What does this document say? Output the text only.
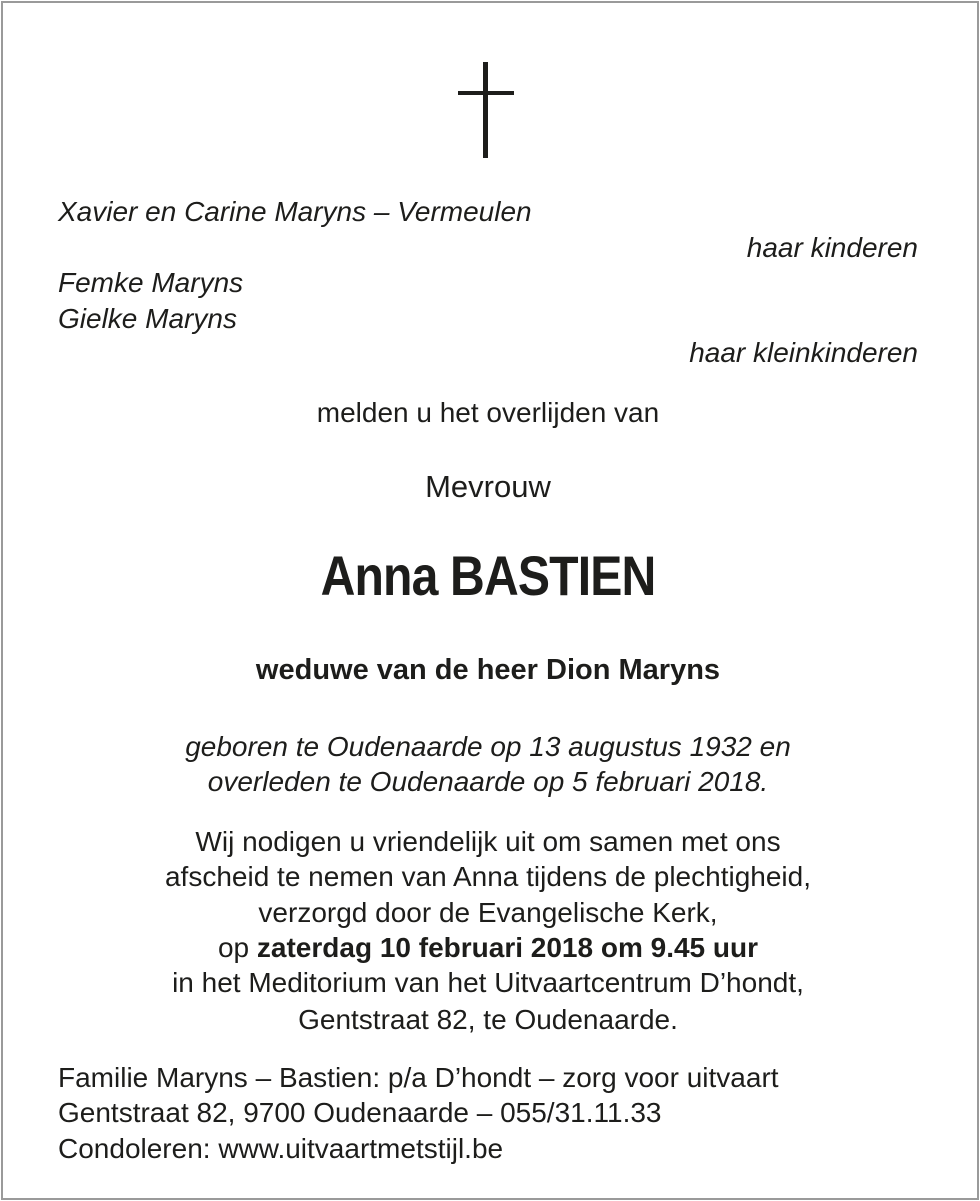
Xavier en Carine Maryns – Vermeulen
haar kinderen
Femke Maryns
Gielke Maryns
haar kleinkinderen
melden u het overlijden van
Mevrouw
Anna BASTIEN
weduwe van de heer Dion Maryns
geboren te Oudenaarde op 13 augustus 1932 en
overleden te Oudenaarde op 5 februari 2018.
Wij nodigen u vriendelijk uit om samen met ons
afscheid te nemen van Anna tijdens de plechtigheid,
verzorgd door de Evangelische Kerk,
op zaterdag 10 februari 2018 om 9.45 uur
in het Meditorium van het Uitvaartcentrum D’hondt,
Gentstraat 82, te Oudenaarde.
Familie Maryns – Bastien: p/a D’hondt – zorg voor uitvaart
Gentstraat 82, 9700 Oudenaarde – 055/31.11.33
Condoleren: www.uitvaartmetstijl.be
